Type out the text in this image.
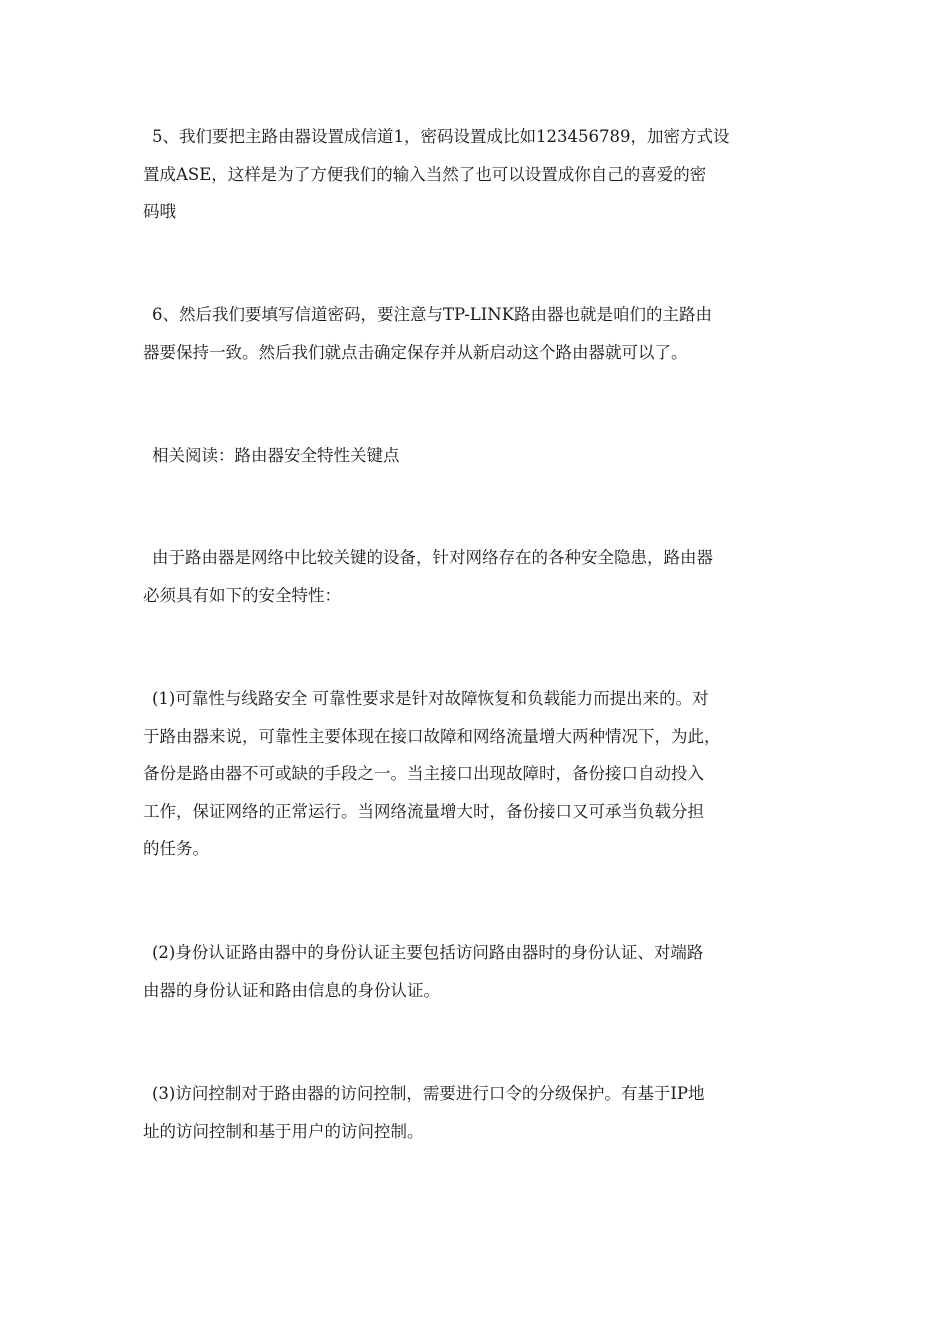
5、我们要把主路由器设置成信道1，密码设置成比如123456789，加密方式设
置成ASE，这样是为了方便我们的输入当然了也可以设置成你自己的喜爱的密
码哦

6、然后我们要填写信道密码，要注意与TP-LINK路由器也就是咱们的主路由
器要保持一致。然后我们就点击确定保存并从新启动这个路由器就可以了。

相关阅读：路由器安全特性关键点

由于路由器是网络中比较关键的设备，针对网络存在的各种安全隐患，路由器
必须具有如下的安全特性：

(1)可靠性与线路安全 可靠性要求是针对故障恢复和负载能力而提出来的。对
于路由器来说，可靠性主要体现在接口故障和网络流量增大两种情况下，为此，
备份是路由器不可或缺的手段之一。当主接口出现故障时，备份接口自动投入
工作，保证网络的正常运行。当网络流量增大时，备份接口又可承当负载分担
的任务。

(2)身份认证路由器中的身份认证主要包括访问路由器时的身份认证、对端路
由器的身份认证和路由信息的身份认证。

(3)访问控制对于路由器的访问控制，需要进行口令的分级保护。有基于IP地
址的访问控制和基于用户的访问控制。
